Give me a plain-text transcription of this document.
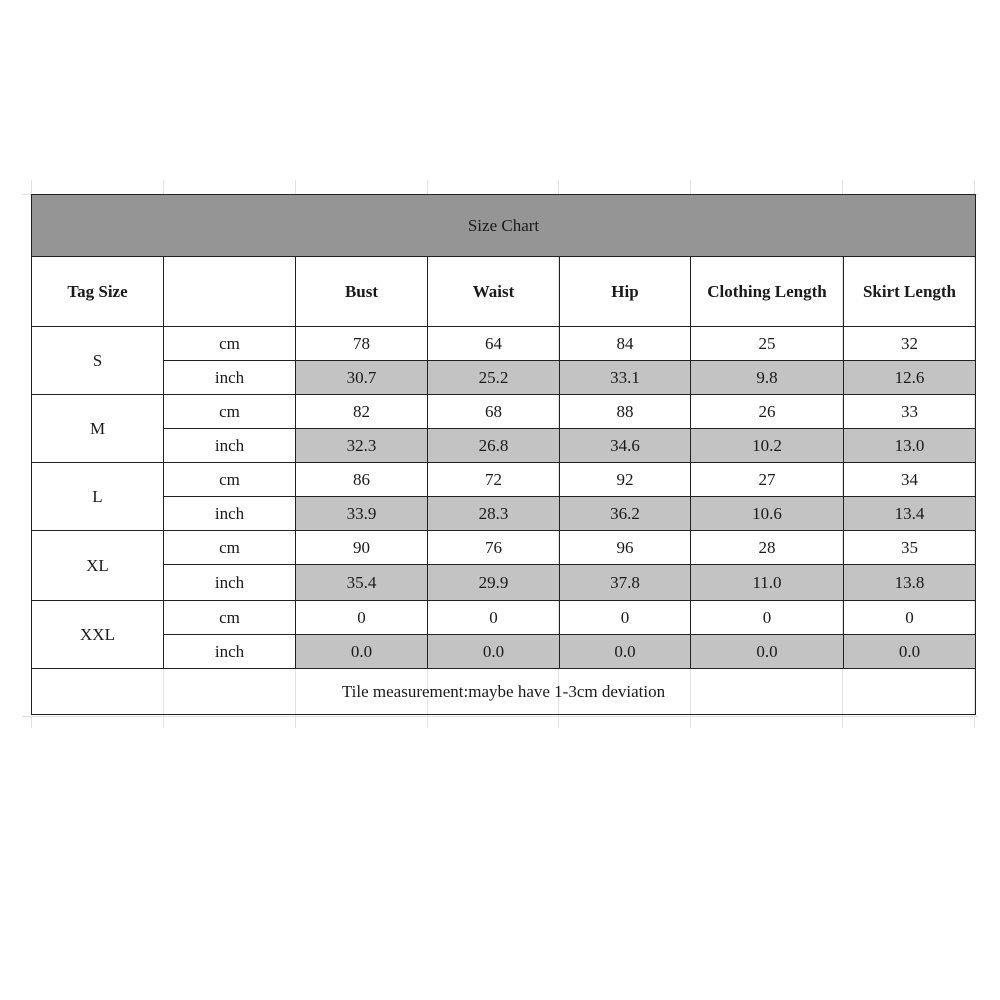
Size Chart						
Tag Size		Bust	Waist	Hip	Clothing Length	Skirt Length
S	cm	78	64	84	25	32
	inch	30.7	25.2	33.1	9.8	12.6
M	cm	82	68	88	26	33
	inch	32.3	26.8	34.6	10.2	13.0
L	cm	86	72	92	27	34
	inch	33.9	28.3	36.2	10.6	13.4
XL	cm	90	76	96	28	35
	inch	35.4	29.9	37.8	11.0	13.8
XXL	cm	0	0	0	0	0
	inch	0.0	0.0	0.0	0.0	0.0
Tile measurement:maybe have 1-3cm deviation						
